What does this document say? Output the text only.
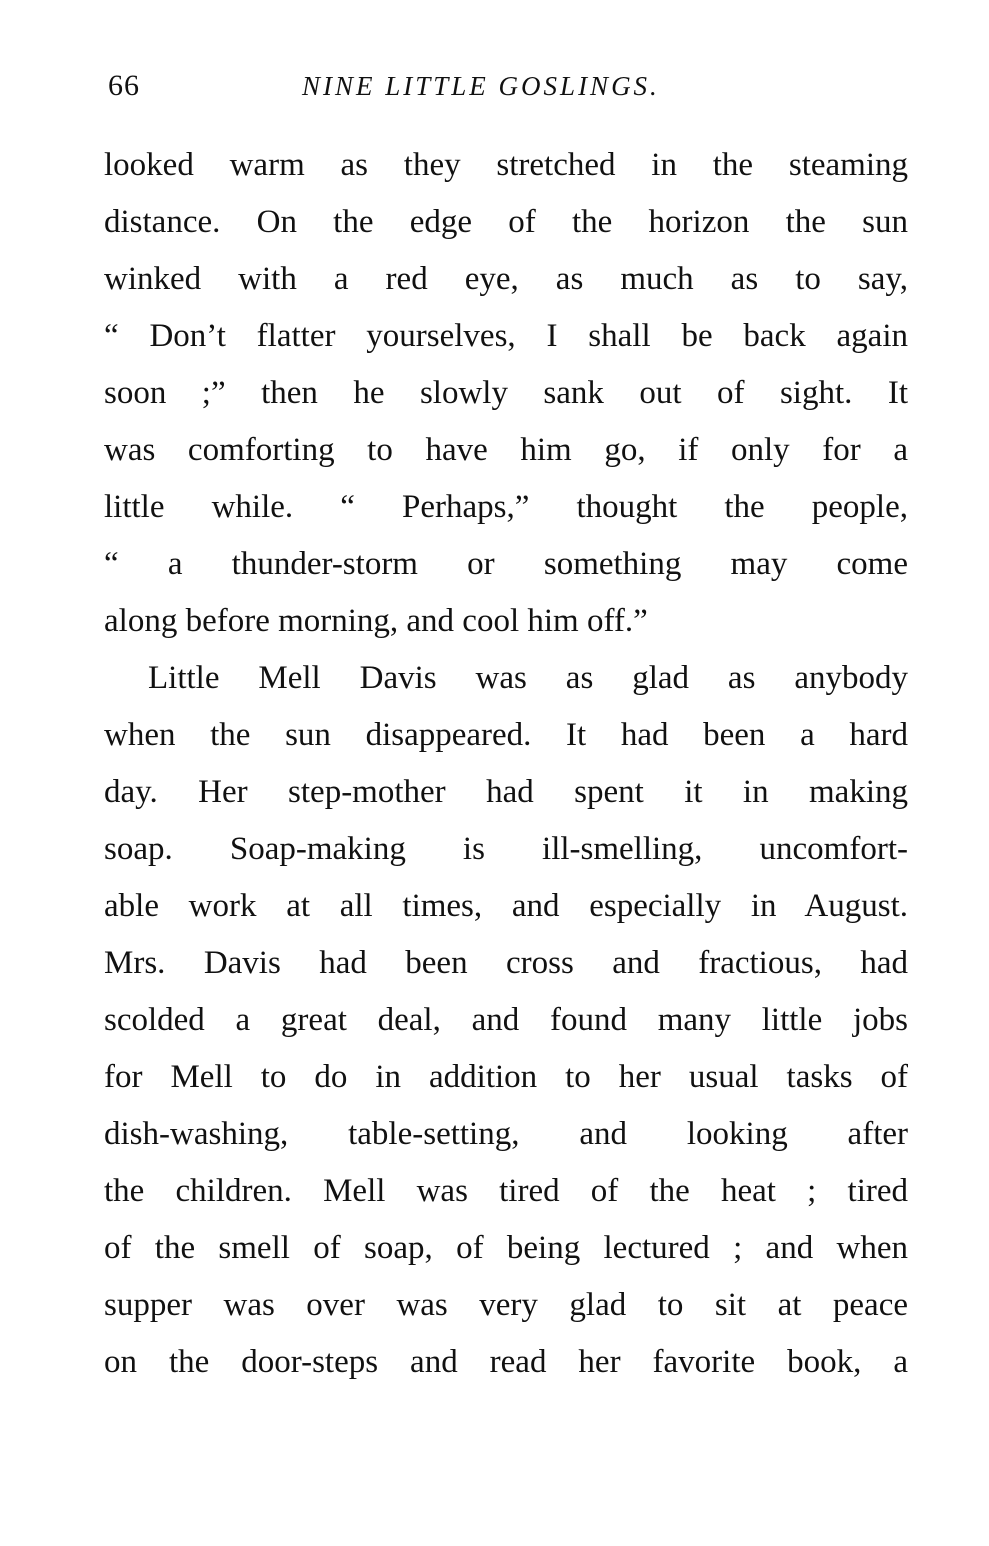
66	NINE LITTLE GOSLINGS.
looked warm as they stretched in the steaming
distance. On the edge of the horizon the sun
winked with a red eye, as much as to say,
“ Don’t flatter yourselves, I shall be back again
soon ;” then he slowly sank out of sight. It
was comforting to have him go, if only for a
little while. “ Perhaps,” thought the people,
“ a thunder-storm or something may come
along before morning, and cool him off.”
Little Mell Davis was as glad as anybody
when the sun disappeared. It had been a hard
day. Her step-mother had spent it in making
soap. Soap-making is ill-smelling, uncomfort-
able work at all times, and especially in August.
Mrs. Davis had been cross and fractious, had
scolded a great deal, and found many little jobs
for Mell to do in addition to her usual tasks of
dish-washing, table-setting, and looking after
the children. Mell was tired of the heat ; tired
of the smell of soap, of being lectured ; and when
supper was over was very glad to sit at peace
on the door-steps and read her favorite book, a
